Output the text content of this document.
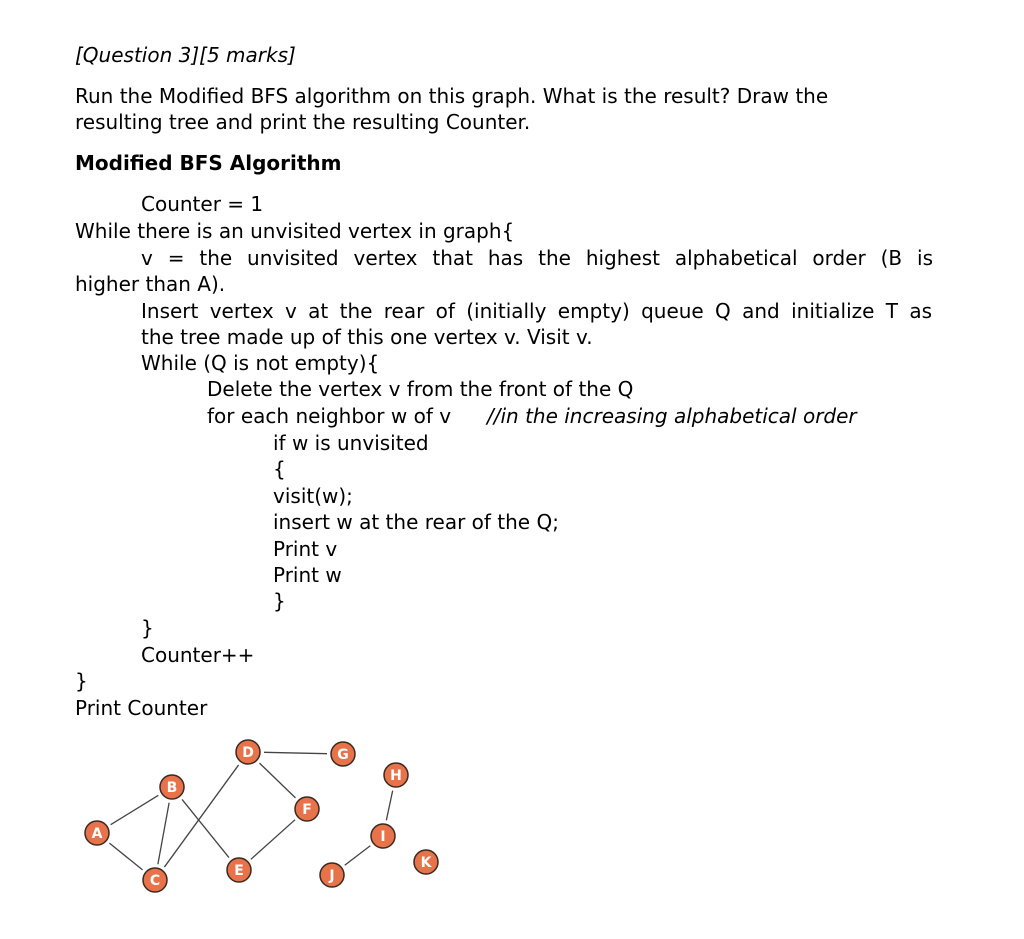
[Question 3][5 marks]
Run the Modified BFS algorithm on this graph. What is the result? Draw the
resulting tree and print the resulting Counter.
Modified BFS Algorithm
Counter = 1
While there is an unvisited vertex in graph{
v = the unvisited vertex that has the highest alphabetical order (B is
higher than A).
Insert vertex v at the rear of (initially empty) queue Q and initialize T as
the tree made up of this one vertex v. Visit v.
While (Q is not empty){
Delete the vertex v from the front of the Q
for each neighbor w of v //in the increasing alphabetical order
if w is unvisited
{
visit(w);
insert w at the rear of the Q;
Print v
Print w
}
}
Counter++
}
Print Counter
A
B
C
D
E
F
G
H
I
J
K
